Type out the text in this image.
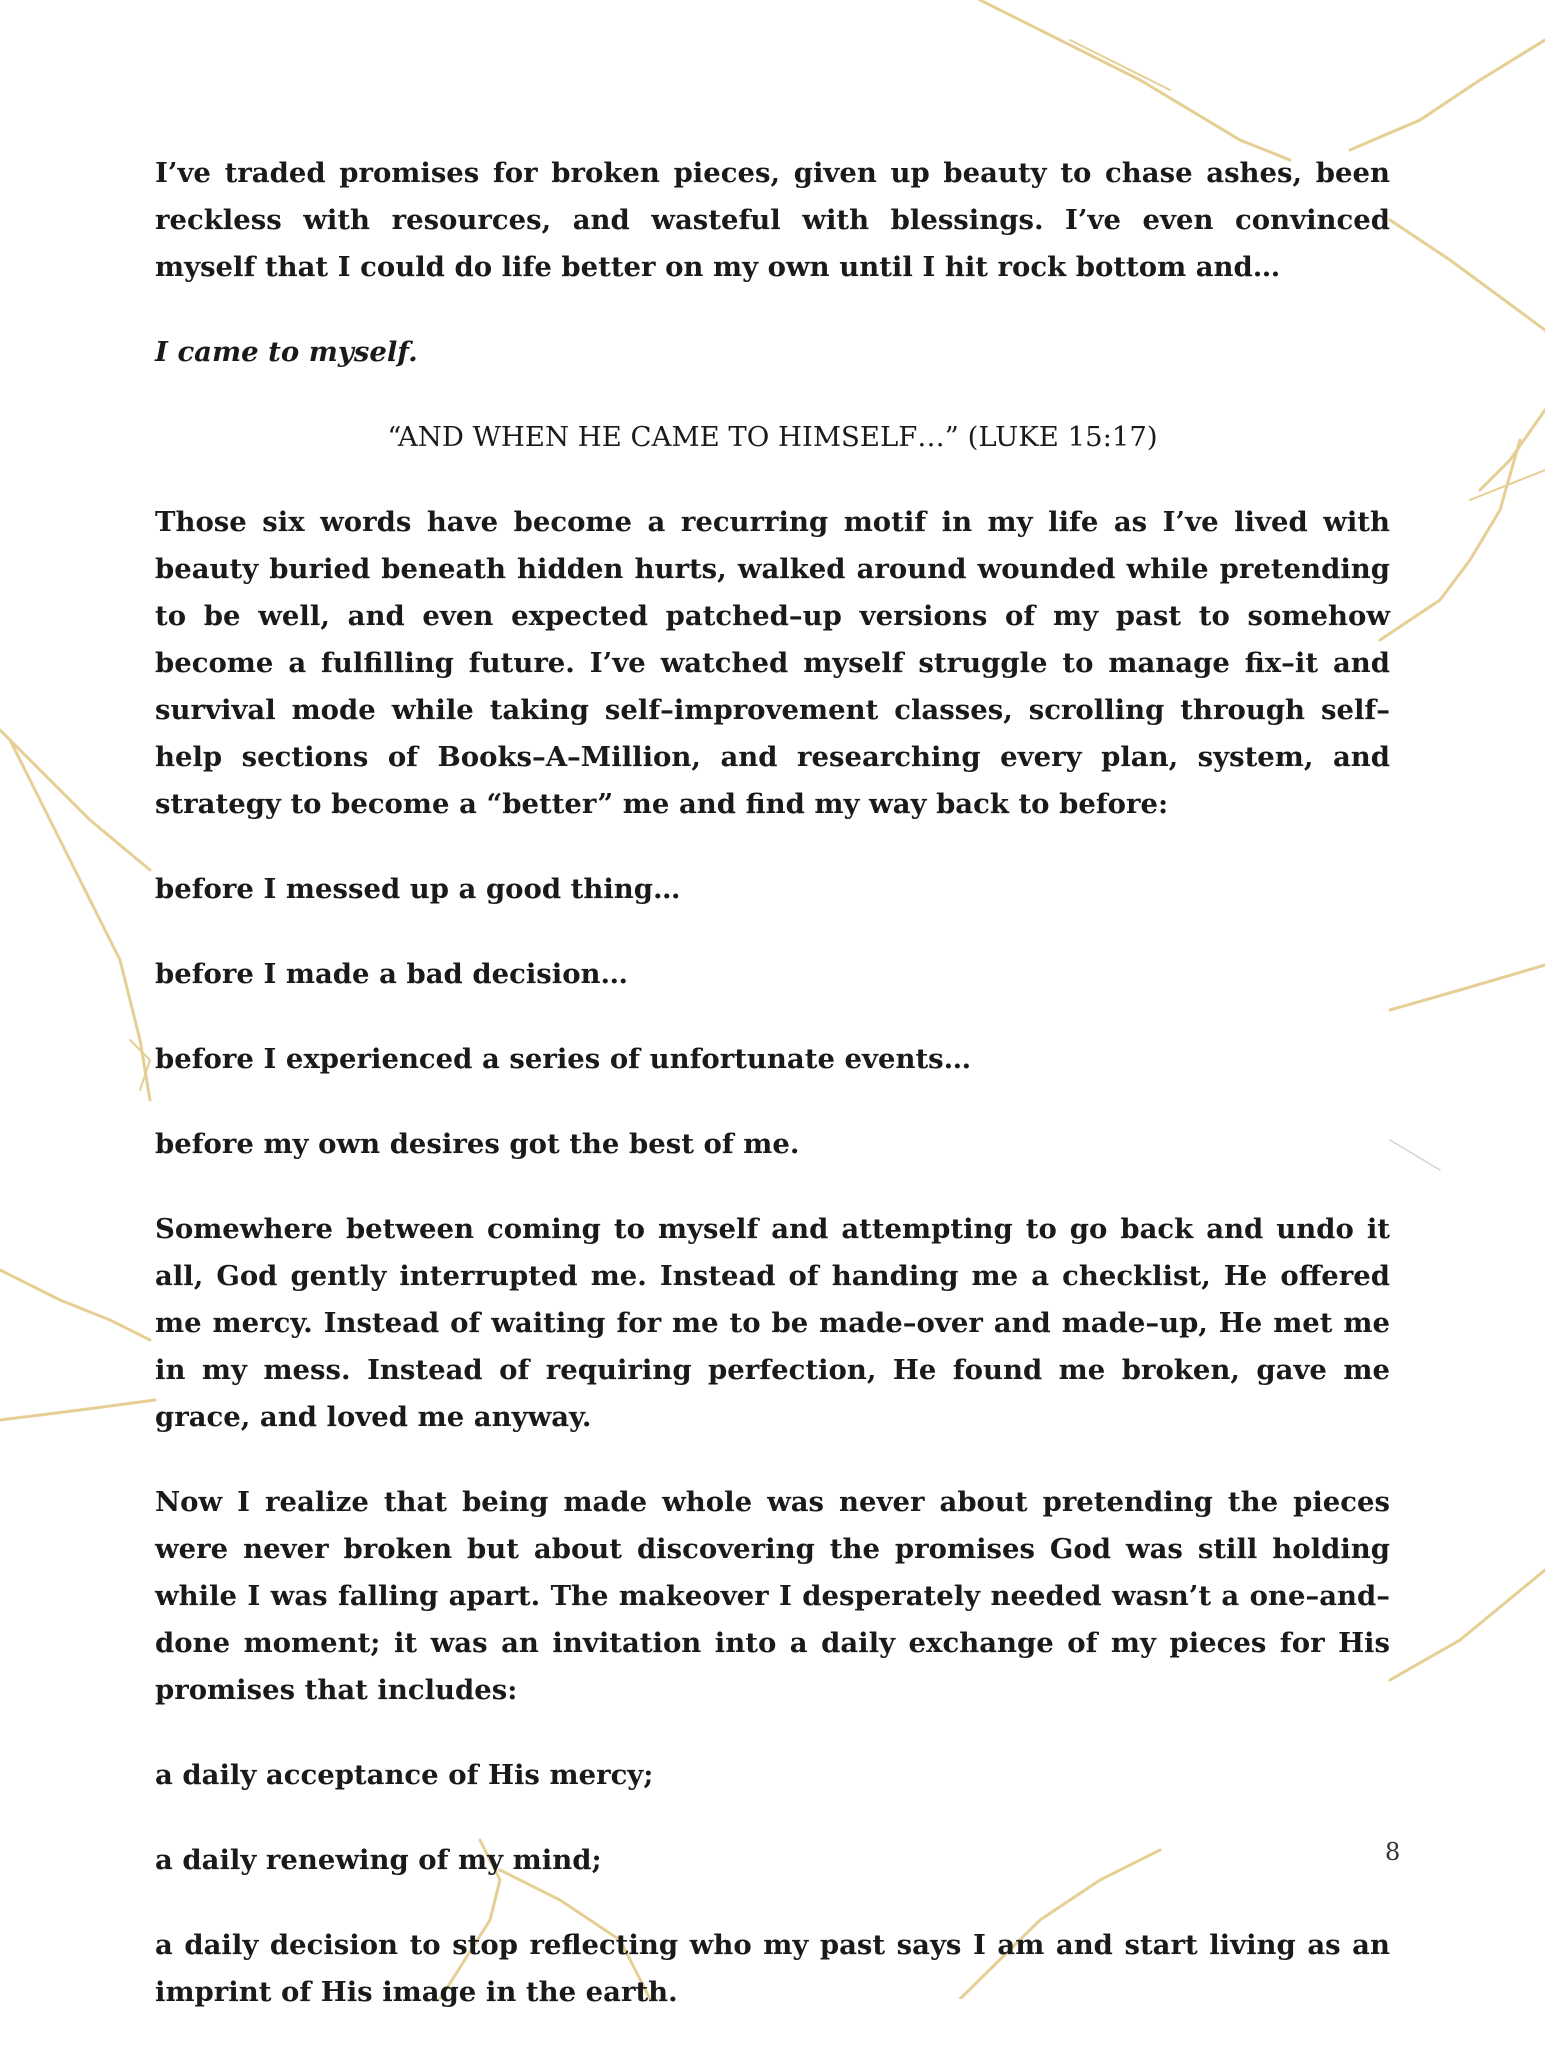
I’ve traded promises for broken pieces, given up beauty to chase ashes, been reckless with resources, and wasteful with blessings. I’ve even convinced myself that I could do life better on my own until I hit rock bottom and…

I came to myself.

“AND WHEN HE CAME TO HIMSELF…” (LUKE 15:17)

Those six words have become a recurring motif in my life as I’ve lived with beauty buried beneath hidden hurts, walked around wounded while pretending to be well, and even expected patched–up versions of my past to somehow become a fulfilling future. I’ve watched myself struggle to manage fix–it and survival mode while taking self–improvement classes, scrolling through self–help sections of Books–A–Million, and researching every plan, system, and strategy to become a “better” me and find my way back to before:

before I messed up a good thing…

before I made a bad decision…

before I experienced a series of unfortunate events…

before my own desires got the best of me.

Somewhere between coming to myself and attempting to go back and undo it all, God gently interrupted me. Instead of handing me a checklist, He offered me mercy. Instead of waiting for me to be made–over and made–up, He met me in my mess. Instead of requiring perfection, He found me broken, gave me grace, and loved me anyway.

Now I realize that being made whole was never about pretending the pieces were never broken but about discovering the promises God was still holding while I was falling apart. The makeover I desperately needed wasn’t a one–and–done moment; it was an invitation into a daily exchange of my pieces for His promises that includes:

a daily acceptance of His mercy;

a daily renewing of my mind;

a daily decision to stop reflecting who my past says I am and start living as an imprint of His image in the earth.

8
